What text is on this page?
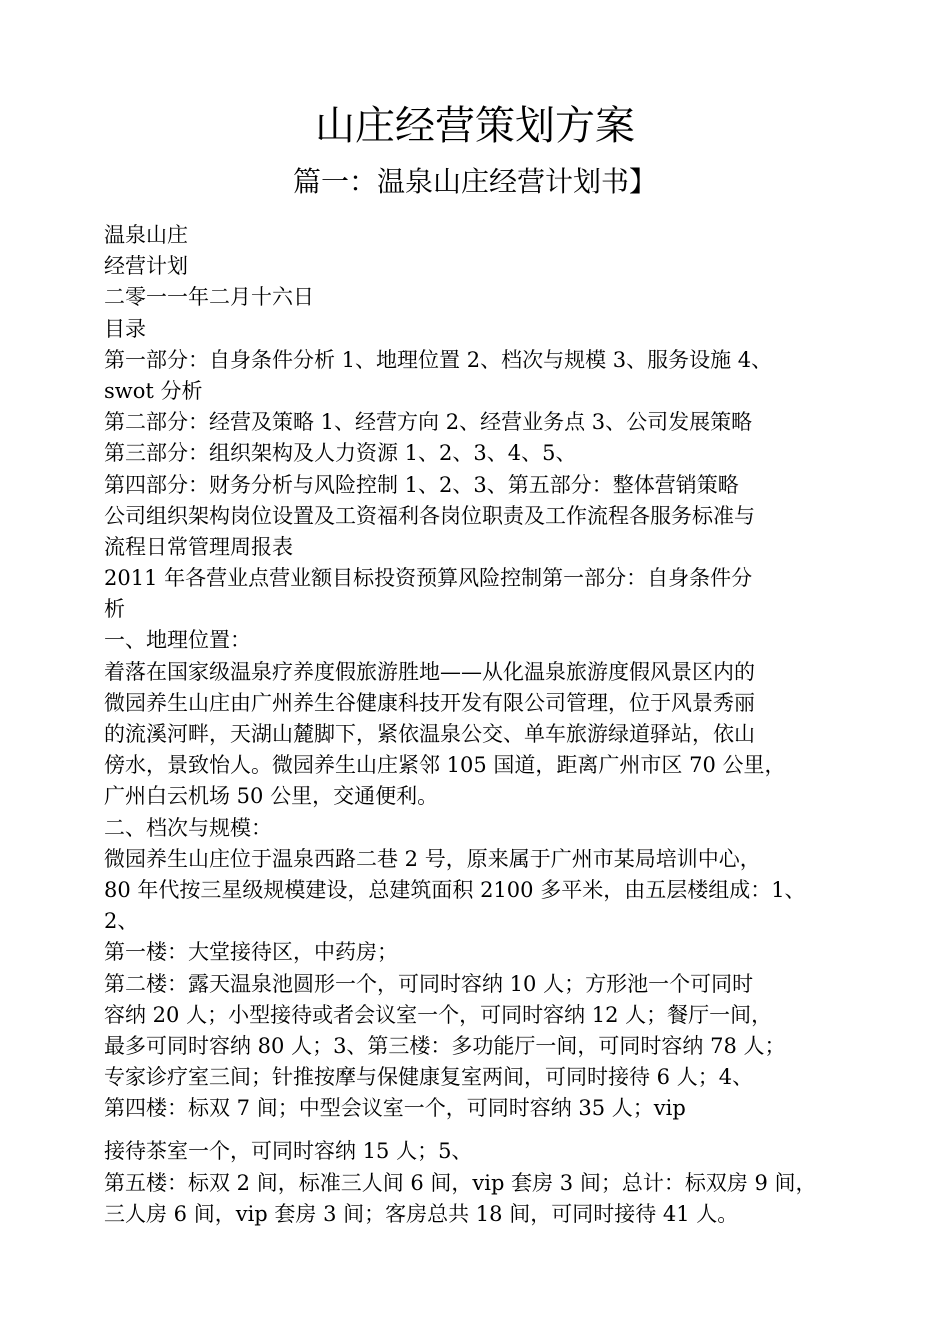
山庄经营策划方案
篇一：温泉山庄经营计划书】
温泉山庄
经营计划
二零一一年二月十六日
目录
第一部分：自身条件分析 1、地理位置 2、档次与规模 3、服务设施 4、
swot 分析
第二部分：经营及策略 1、经营方向 2、经营业务点 3、公司发展策略
第三部分：组织架构及人力资源 1、2、3、4、5、
第四部分：财务分析与风险控制 1、2、3、第五部分：整体营销策略
公司组织架构岗位设置及工资福利各岗位职责及工作流程各服务标准与
流程日常管理周报表
2011 年各营业点营业额目标投资预算风险控制第一部分：自身条件分
析
一、地理位置：
着落在国家级温泉疗养度假旅游胜地——从化温泉旅游度假风景区内的
微园养生山庄由广州养生谷健康科技开发有限公司管理，位于风景秀丽
的流溪河畔，天湖山麓脚下，紧依温泉公交、单车旅游绿道驿站，依山
傍水，景致怡人。微园养生山庄紧邻 105 国道，距离广州市区 70 公里，
广州白云机场 50 公里，交通便利。
二、档次与规模：
微园养生山庄位于温泉西路二巷 2 号，原来属于广州市某局培训中心，
80 年代按三星级规模建设，总建筑面积 2100 多平米，由五层楼组成：1、
2、
第一楼：大堂接待区，中药房；
第二楼：露天温泉池圆形一个，可同时容纳 10 人；方形池一个可同时
容纳 20 人；小型接待或者会议室一个，可同时容纳 12 人；餐厅一间，
最多可同时容纳 80 人；3、第三楼：多功能厅一间，可同时容纳 78 人；
专家诊疗室三间；针推按摩与保健康复室两间，可同时接待 6 人；4、
第四楼：标双 7 间；中型会议室一个，可同时容纳 35 人；vip
接待茶室一个，可同时容纳 15 人；5、
第五楼：标双 2 间，标准三人间 6 间，vip 套房 3 间；总计：标双房 9 间，
三人房 6 间，vip 套房 3 间；客房总共 18 间，可同时接待 41 人。
